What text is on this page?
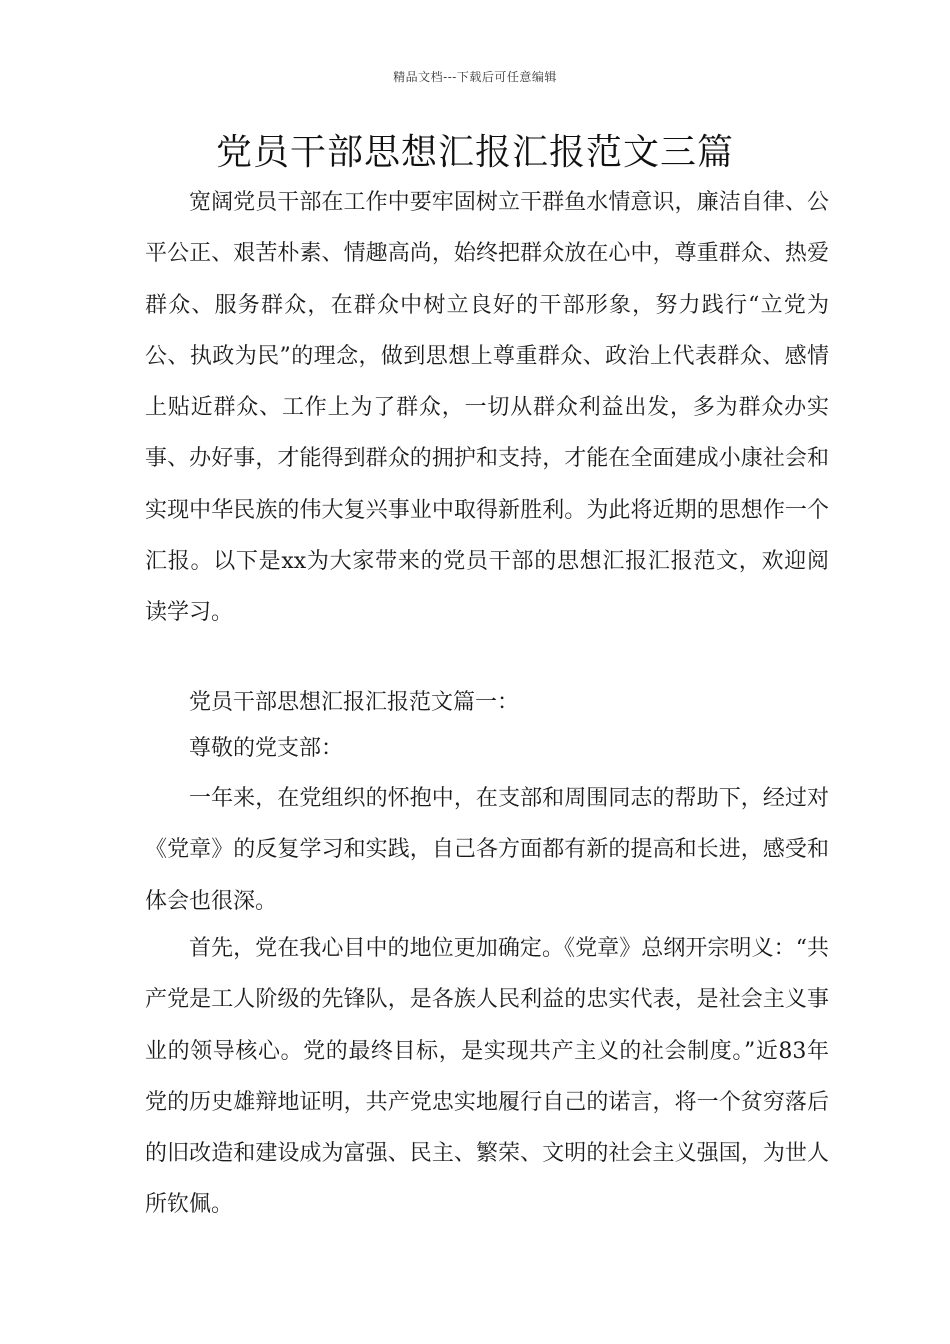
精品文档---下载后可任意编辑
党员干部思想汇报汇报范文三篇

宽阔党员干部在工作中要牢固树立干群鱼水情意识，廉洁自律、公平公正、艰苦朴素、情趣高尚，始终把群众放在心中，尊重群众、热爱群众、服务群众，在群众中树立良好的干部形象，努力践行“立党为公、执政为民”的理念，做到思想上尊重群众、政治上代表群众、感情上贴近群众、工作上为了群众，一切从群众利益出发，多为群众办实事、办好事，才能得到群众的拥护和支持，才能在全面建成小康社会和实现中华民族的伟大复兴事业中取得新胜利。为此将近期的思想作一个汇报。以下是xx为大家带来的党员干部的思想汇报汇报范文，欢迎阅读学习。

党员干部思想汇报汇报范文篇一：

尊敬的党支部：

一年来，在党组织的怀抱中，在支部和周围同志的帮助下，经过对《党章》的反复学习和实践，自己各方面都有新的提高和长进，感受和体会也很深。

首先，党在我心目中的地位更加确定。《党章》总纲开宗明义：“共产党是工人阶级的先锋队，是各族人民利益的忠实代表，是社会主义事业的领导核心。党的最终目标，是实现共产主义的社会制度。”近83年党的历史雄辩地证明，共产党忠实地履行自己的诺言，将一个贫穷落后的旧改造和建设成为富强、民主、繁荣、文明的社会主义强国，为世人所钦佩。
